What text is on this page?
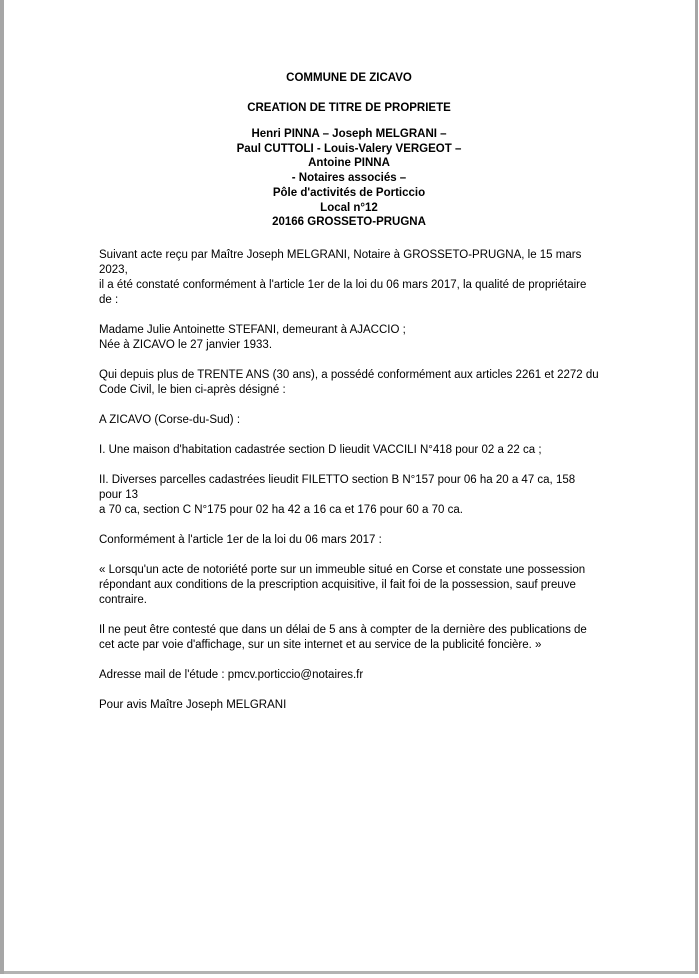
COMMUNE DE ZICAVO
CREATION DE TITRE DE PROPRIETE
Henri PINNA – Joseph MELGRANI –
Paul CUTTOLI - Louis-Valery VERGEOT –
Antoine PINNA
- Notaires associés –
Pôle d'activités de Porticcio
Local n°12
20166 GROSSETO-PRUGNA

Suivant acte reçu par Maître Joseph MELGRANI, Notaire à GROSSETO-PRUGNA, le 15 mars 2023,
il a été constaté conformément à l'article 1er de la loi du 06 mars 2017, la qualité de propriétaire de :

Madame Julie Antoinette STEFANI, demeurant à AJACCIO ;
Née à ZICAVO le 27 janvier 1933.

Qui depuis plus de TRENTE ANS (30 ans), a possédé conformément aux articles 2261 et 2272 du
Code Civil, le bien ci-après désigné :

A ZICAVO (Corse-du-Sud) :

I. Une maison d'habitation cadastrée section D lieudit VACCILI N°418 pour 02 a 22 ca ;

II. Diverses parcelles cadastrées lieudit FILETTO section B N°157 pour 06 ha 20 a 47 ca, 158 pour 13
a 70 ca, section C N°175 pour 02 ha 42 a 16 ca et 176 pour 60 a 70 ca.

Conformément à l'article 1er de la loi du 06 mars 2017 :

« Lorsqu'un acte de notoriété porte sur un immeuble situé en Corse et constate une possession
répondant aux conditions de la prescription acquisitive, il fait foi de la possession, sauf preuve
contraire.

Il ne peut être contesté que dans un délai de 5 ans à compter de la dernière des publications de
cet acte par voie d'affichage, sur un site internet et au service de la publicité foncière. »

Adresse mail de l'étude : pmcv.porticcio@notaires.fr

Pour avis Maître Joseph MELGRANI
